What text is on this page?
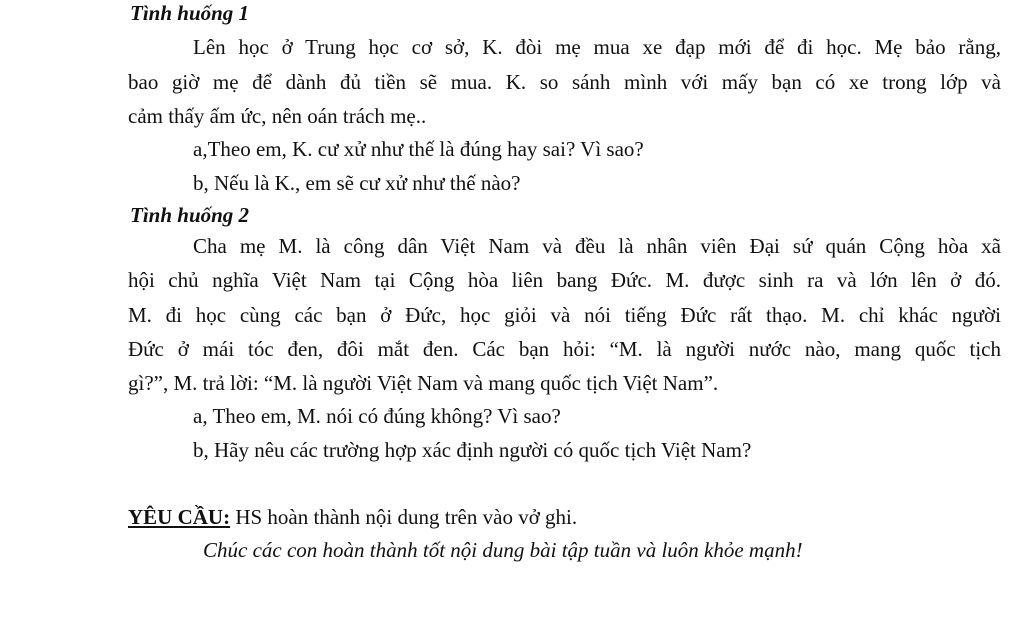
Tình huống 1
Lên học ở Trung học cơ sở, K. đòi mẹ mua xe đạp mới để đi học. Mẹ bảo rằng,
bao giờ mẹ để dành đủ tiền sẽ mua. K. so sánh mình với mấy bạn có xe trong lớp và
cảm thấy ấm ức, nên oán trách mẹ..
a,Theo em, K. cư xử như thế là đúng hay sai? Vì sao?
b, Nếu là K., em sẽ cư xử như thế nào?
Tình huống 2
Cha mẹ M. là công dân Việt Nam và đều là nhân viên Đại sứ quán Cộng hòa xã
hội chủ nghĩa Việt Nam tại Cộng hòa liên bang Đức. M. được sinh ra và lớn lên ở đó.
M. đi học cùng các bạn ở Đức, học giỏi và nói tiếng Đức rất thạo. M. chỉ khác người
Đức ở mái tóc đen, đôi mắt đen. Các bạn hỏi: “M. là người nước nào, mang quốc tịch
gì?”, M. trả lời: “M. là người Việt Nam và mang quốc tịch Việt Nam”.
a, Theo em, M. nói có đúng không? Vì sao?
b, Hãy nêu các trường hợp xác định người có quốc tịch Việt Nam?
YÊU CẦU: HS hoàn thành nội dung trên vào vở ghi.
Chúc các con hoàn thành tốt nội dung bài tập tuần và luôn khỏe mạnh!
